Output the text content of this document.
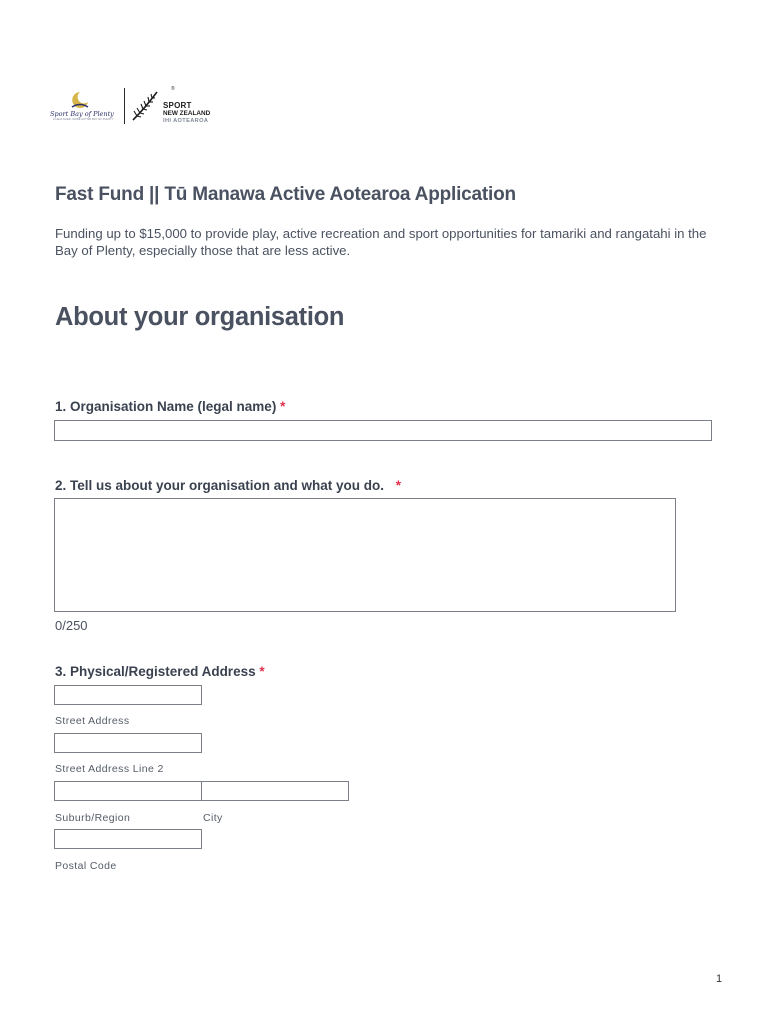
Sport Bay of Plenty
A HEALTHIER, MORE ACTIVE BAY OF PLENTY
®
SPORT
NEW ZEALAND
IHI AOTEAROA
Fast Fund || Tū Manawa Active Aotearoa Application
Funding up to $15,000 to provide play, active recreation and sport opportunities for tamariki and rangatahi in the Bay of Plenty, especially those that are less active.
About your organisation
1. Organisation Name (legal name) *
2. Tell us about your organisation and what you do. *
0/250
3. Physical/Registered Address *
Street Address
Street Address Line 2
Suburb/Region	City
Postal Code
1
